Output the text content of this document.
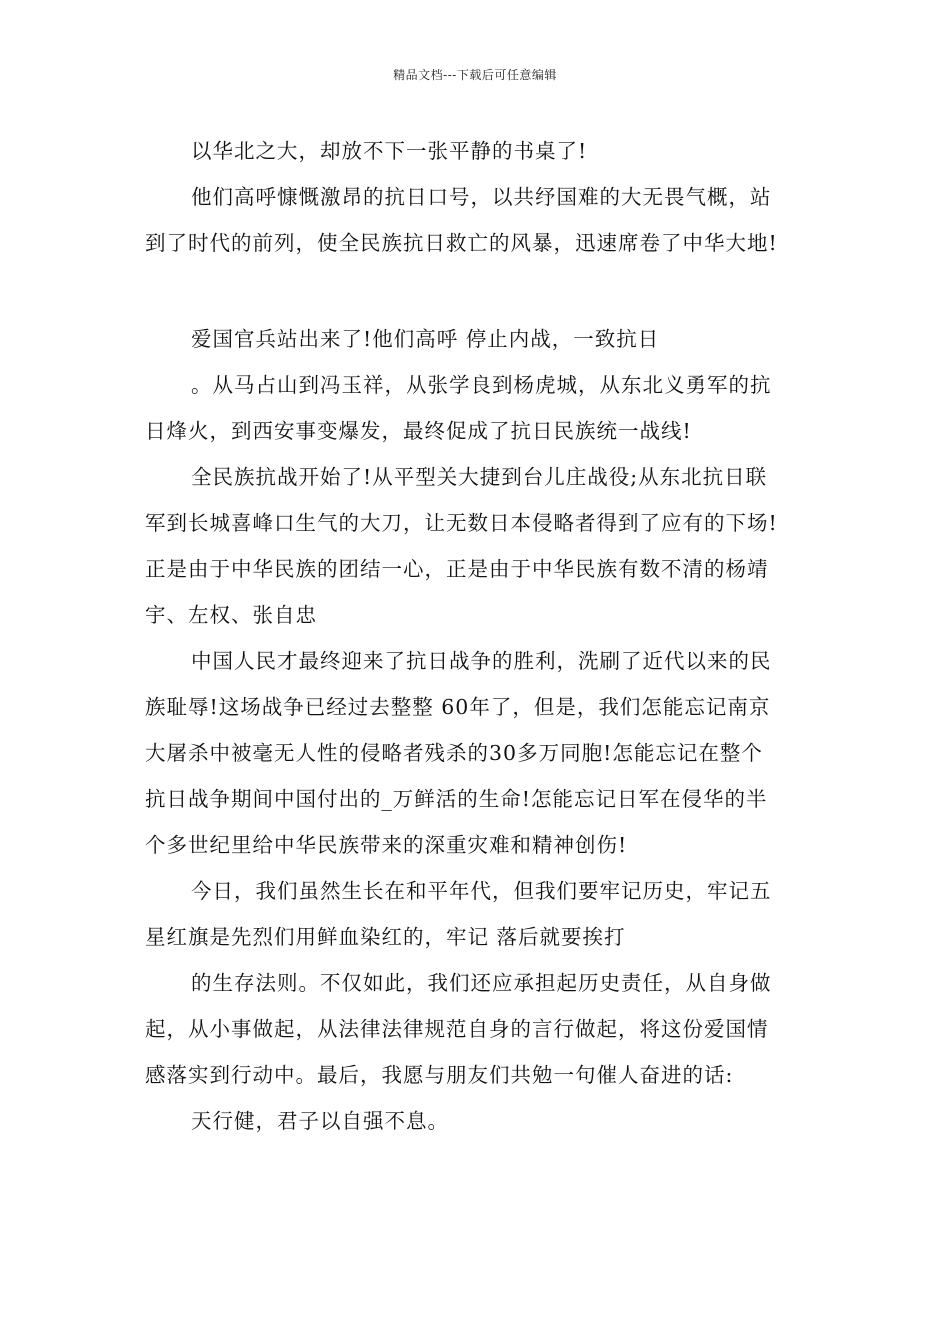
精品文档---下载后可任意编辑
以华北之大，却放不下一张平静的书桌了!
他们高呼慷慨激昂的抗日口号，以共纾国难的大无畏气概，站
到了时代的前列，使全民族抗日救亡的风暴，迅速席卷了中华大地!
爱国官兵站出来了!他们高呼 停止内战，一致抗日
。从马占山到冯玉祥，从张学良到杨虎城，从东北义勇军的抗
日烽火，到西安事变爆发，最终促成了抗日民族统一战线!
全民族抗战开始了!从平型关大捷到台儿庄战役;从东北抗日联
军到长城喜峰口生气的大刀，让无数日本侵略者得到了应有的下场!
正是由于中华民族的团结一心，正是由于中华民族有数不清的杨靖
宇、左权、张自忠
中国人民才最终迎来了抗日战争的胜利，洗刷了近代以来的民
族耻辱!这场战争已经过去整整 60年了，但是，我们怎能忘记南京
大屠杀中被毫无人性的侵略者残杀的30多万同胞!怎能忘记在整个
抗日战争期间中国付出的_万鲜活的生命!怎能忘记日军在侵华的半
个多世纪里给中华民族带来的深重灾难和精神创伤!
今日，我们虽然生长在和平年代，但我们要牢记历史，牢记五
星红旗是先烈们用鲜血染红的，牢记 落后就要挨打
的生存法则。不仅如此，我们还应承担起历史责任，从自身做
起，从小事做起，从法律法律规范自身的言行做起，将这份爱国情
感落实到行动中。最后，我愿与朋友们共勉一句催人奋进的话:
天行健，君子以自强不息。
